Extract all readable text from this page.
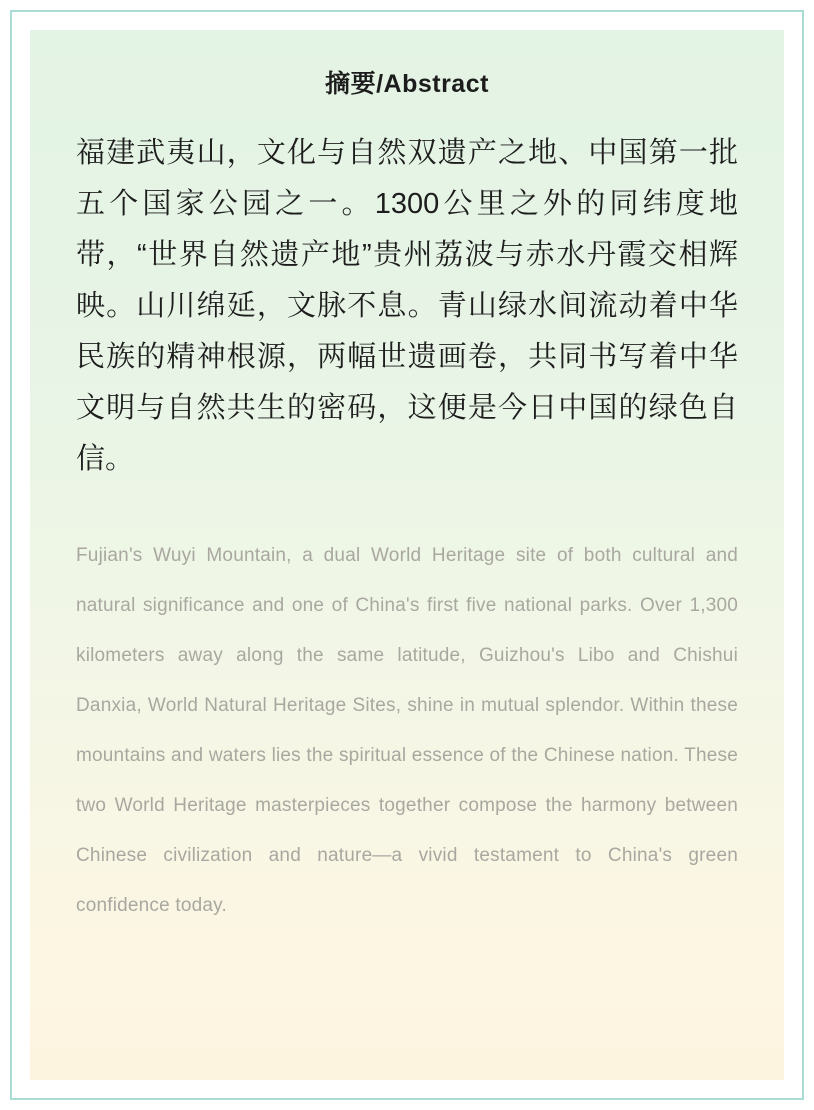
摘要/Abstract

福建武夷山，文化与自然双遗产之地、中国第一批五个国家公园之一。1300公里之外的同纬度地带，“世界自然遗产地”贵州荔波与赤水丹霞交相辉映。山川绵延，文脉不息。青山绿水间流动着中华民族的精神根源，两幅世遗画卷，共同书写着中华文明与自然共生的密码，这便是今日中国的绿色自信。

Fujian's Wuyi Mountain, a dual World Heritage site of both cultural and natural significance and one of China's first five national parks. Over 1,300 kilometers away along the same latitude, Guizhou's Libo and Chishui Danxia, World Natural Heritage Sites, shine in mutual splendor. Within these mountains and waters lies the spiritual essence of the Chinese nation. These two World Heritage masterpieces together compose the harmony between Chinese civilization and nature—a vivid testament to China's green confidence today.
